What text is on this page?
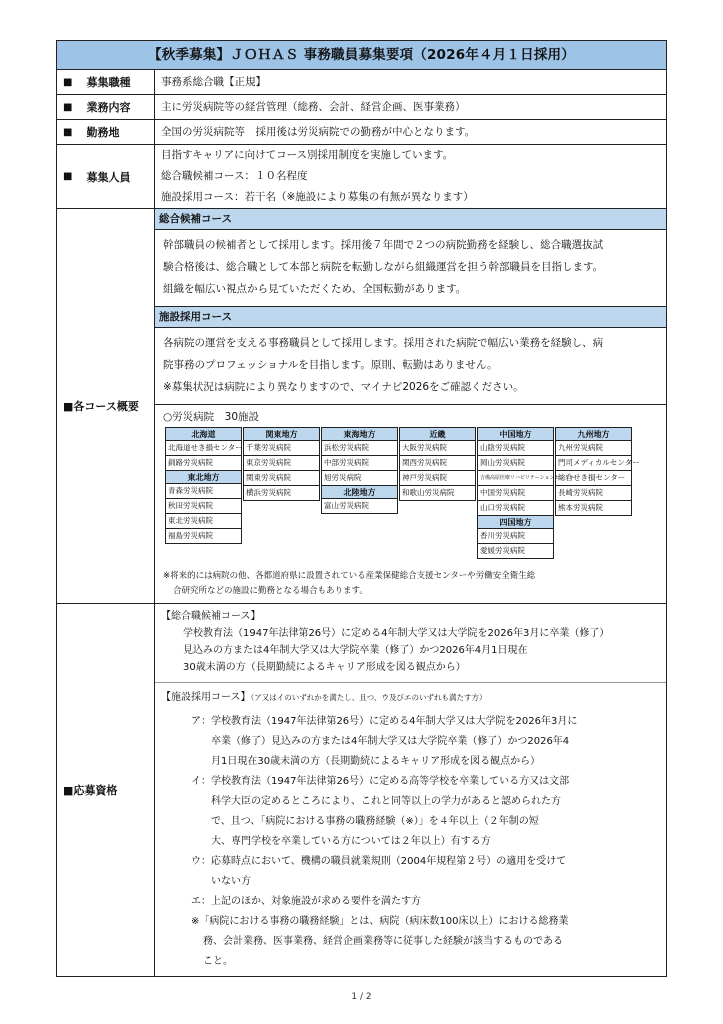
【秋季募集】ＪＯＨＡＳ 事務職員募集要項（2026年４月１日採用）
■ 募集職種	事務系総合職【正規】
■ 業務内容	主に労災病院等の経営管理（総務、会計、経営企画、医事業務）
■ 勤務地	全国の労災病院等　採用後は労災病院での勤務が中心となります。
■ 募集人員
目指すキャリアに向けてコース別採用制度を実施しています。
総合職候補コース：１０名程度
施設採用コース：若干名（※施設により募集の有無が異なります）
■各コース概要
総合候補コース
幹部職員の候補者として採用します。採用後７年間で２つの病院勤務を経験し、総合職選抜試
験合格後は、総合職として本部と病院を転勤しながら組織運営を担う幹部職員を目指します。
組織を幅広い視点から見ていただくため、全国転勤があります。
施設採用コース
各病院の運営を支える事務職員として採用します。採用された病院で幅広い業務を経験し、病
院事務のプロフェッショナルを目指します。原則、転勤はありません。
※募集状況は病院により異なりますので、マイナビ2026をご確認ください。
○労災病院　30施設
北海道
北海道せき損センター
釧路労災病院
東北地方
青森労災病院
秋田労災病院
東北労災病院
福島労災病院
関東地方
千葉労災病院
東京労災病院
関東労災病院
横浜労災病院
東海地方
浜松労災病院
中部労災病院
旭労災病院
北陸地方
富山労災病院
近畿
大阪労災病院
関西労災病院
神戸労災病院
和歌山労災病院
中国地方
山陰労災病院
岡山労災病院
吉備高原医療リハビリテーションセンター
中国労災病院
山口労災病院
四国地方
香川労災病院
愛媛労災病院
九州地方
九州労災病院
門司メディカルセンター
総合せき損センター
長崎労災病院
熊本労災病院
※将来的には病院の他、各都道府県に設置されている産業保健総合支援センターや労働安全衛生総
合研究所などの施設に勤務となる場合もあります。
■応募資格
【総合職候補コース】
学校教育法（1947年法律第26号）に定める4年制大学又は大学院を2026年3月に卒業（修了）
見込みの方または4年制大学又は大学院卒業（修了）かつ2026年4月1日現在
30歳未満の方（長期勤続によるキャリア形成を図る観点から）
【施設採用コース】（ア又はイのいずれかを満たし、且つ、ウ及びエのいずれも満たす方）
ア：学校教育法（1947年法律第26号）に定める4年制大学又は大学院を2026年3月に
卒業（修了）見込みの方または4年制大学又は大学院卒業（修了）かつ2026年4
月1日現在30歳未満の方（長期勤続によるキャリア形成を図る観点から）
イ：学校教育法（1947年法律第26号）に定める高等学校を卒業している方又は文部
科学大臣の定めるところにより、これと同等以上の学力があると認められた方
で、且つ、「病院における事務の職務経験（※）」を４年以上（２年制の短
大、専門学校を卒業している方については２年以上）有する方
ウ：応募時点において、機構の職員就業規則（2004年規程第２号）の適用を受けて
いない方
エ：上記のほか、対象施設が求める要件を満たす方
※「病院における事務の職務経験」とは、病院（病床数100床以上）における総務業
務、会計業務、医事業務、経営企画業務等に従事した経験が該当するものである
こと。
1 / 2
